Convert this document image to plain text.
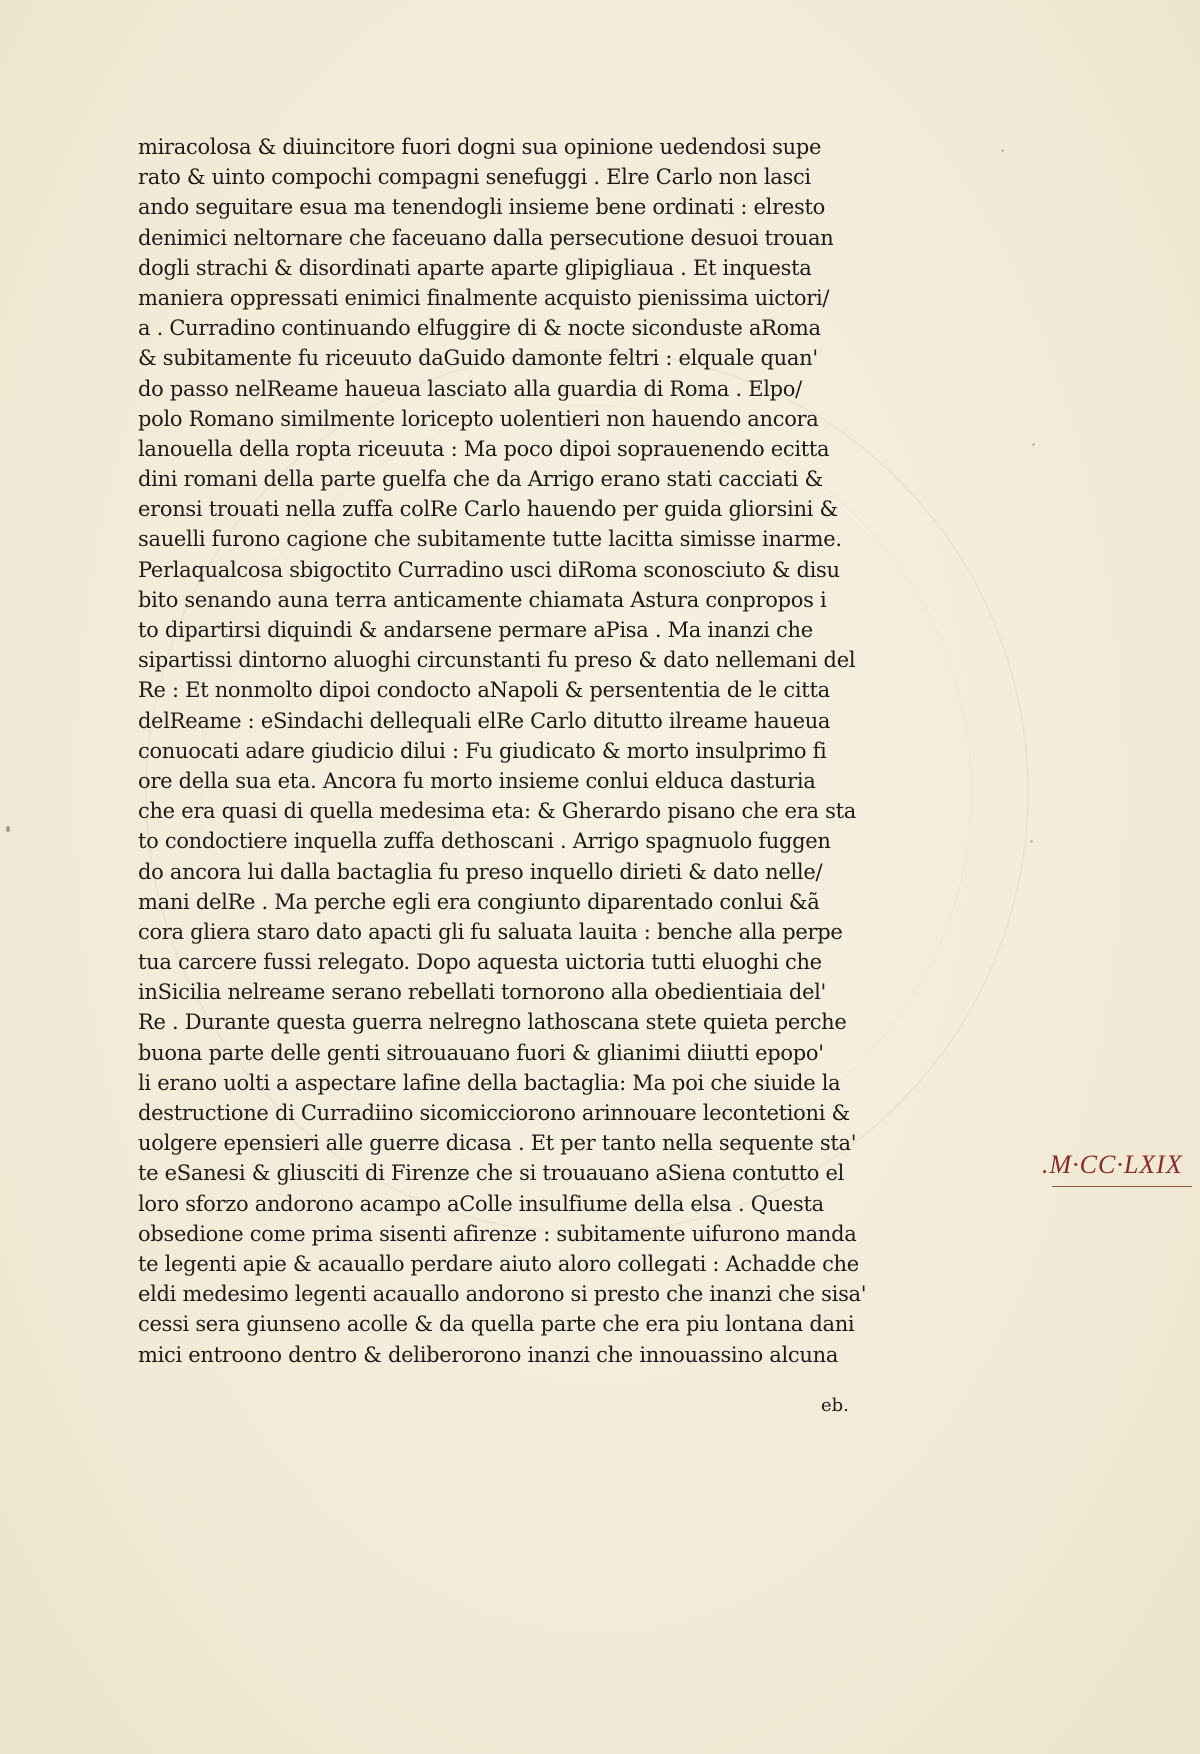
miracolosa & diuincitore fuori dogni sua opinione uedendosi supe
rato & uinto compochi compagni senefuggi . Elre Carlo non lasci
ando seguitare esua ma tenendogli insieme bene ordinati : elresto
denimici neltornare che faceuano dalla persecutione desuoi trouan
dogli strachi & disordinati aparte aparte glipigliaua . Et inquesta
maniera oppressati enimici finalmente acquisto pienissima uictori/
a . Curradino continuando elfuggire di & nocte siconduste aRoma
& subitamente fu riceuuto daGuido damonte feltri : elquale quan'
do passo nelReame haueua lasciato alla guardia di Roma . Elpo/
polo Romano similmente loricepto uolentieri non hauendo ancora
lanouella della ropta riceuuta : Ma poco dipoi soprauenendo ecitta
dini romani della parte guelfa che da Arrigo erano stati cacciati &
eronsi trouati nella zuffa colRe Carlo hauendo per guida gliorsini &
sauelli furono cagione che subitamente tutte lacitta simisse inarme.
Perlaqualcosa sbigoctito Curradino usci diRoma sconosciuto & disu
bito senando auna terra anticamente chiamata Astura conpropos i
to dipartirsi diquindi & andarsene permare aPisa . Ma inanzi che
sipartissi dintorno aluoghi circunstanti fu preso & dato nellemani del
Re : Et nonmolto dipoi condocto aNapoli & persententia de le citta
delReame : eSindachi dellequali elRe Carlo ditutto ilreame haueua
conuocati adare giudicio dilui : Fu giudicato & morto insulprimo fi
ore della sua eta. Ancora fu morto insieme conlui elduca dasturia
che era quasi di quella medesima eta: & Gherardo pisano che era sta
to condoctiere inquella zuffa dethoscani . Arrigo spagnuolo fuggen
do ancora lui dalla bactaglia fu preso inquello dirieti & dato nelle/
mani delRe . Ma perche egli era congiunto diparentado conlui &ã
cora gliera staro dato apacti gli fu saluata lauita : benche alla perpe
tua carcere fussi relegato. Dopo aquesta uictoria tutti eluoghi che
inSicilia nelreame serano rebellati tornorono alla obedientiaia del'
Re . Durante questa guerra nelregno lathoscana stete quieta perche
buona parte delle genti sitrouauano fuori & glianimi diiutti epopo'
li erano uolti a aspectare lafine della bactaglia: Ma poi che siuide la
destructione di Curradiino sicomicciorono arinnouare lecontetioni &
uolgere epensieri alle guerre dicasa . Et per tanto nella sequente sta'
te eSanesi & gliusciti di Firenze che si trouauano aSiena contutto el
loro sforzo andorono acampo aColle insulfiume della elsa . Questa
obsedione come prima sisenti afirenze : subitamente uifurono manda
te legenti apie & acauallo perdare aiuto aloro collegati : Achadde che
eldi medesimo legenti acauallo andorono si presto che inanzi che sisa'
cessi sera giunseno acolle & da quella parte che era piu lontana dani
mici entroono dentro & deliberorono inanzi che innouassino alcuna
eb.
.M·CC·LXIX
